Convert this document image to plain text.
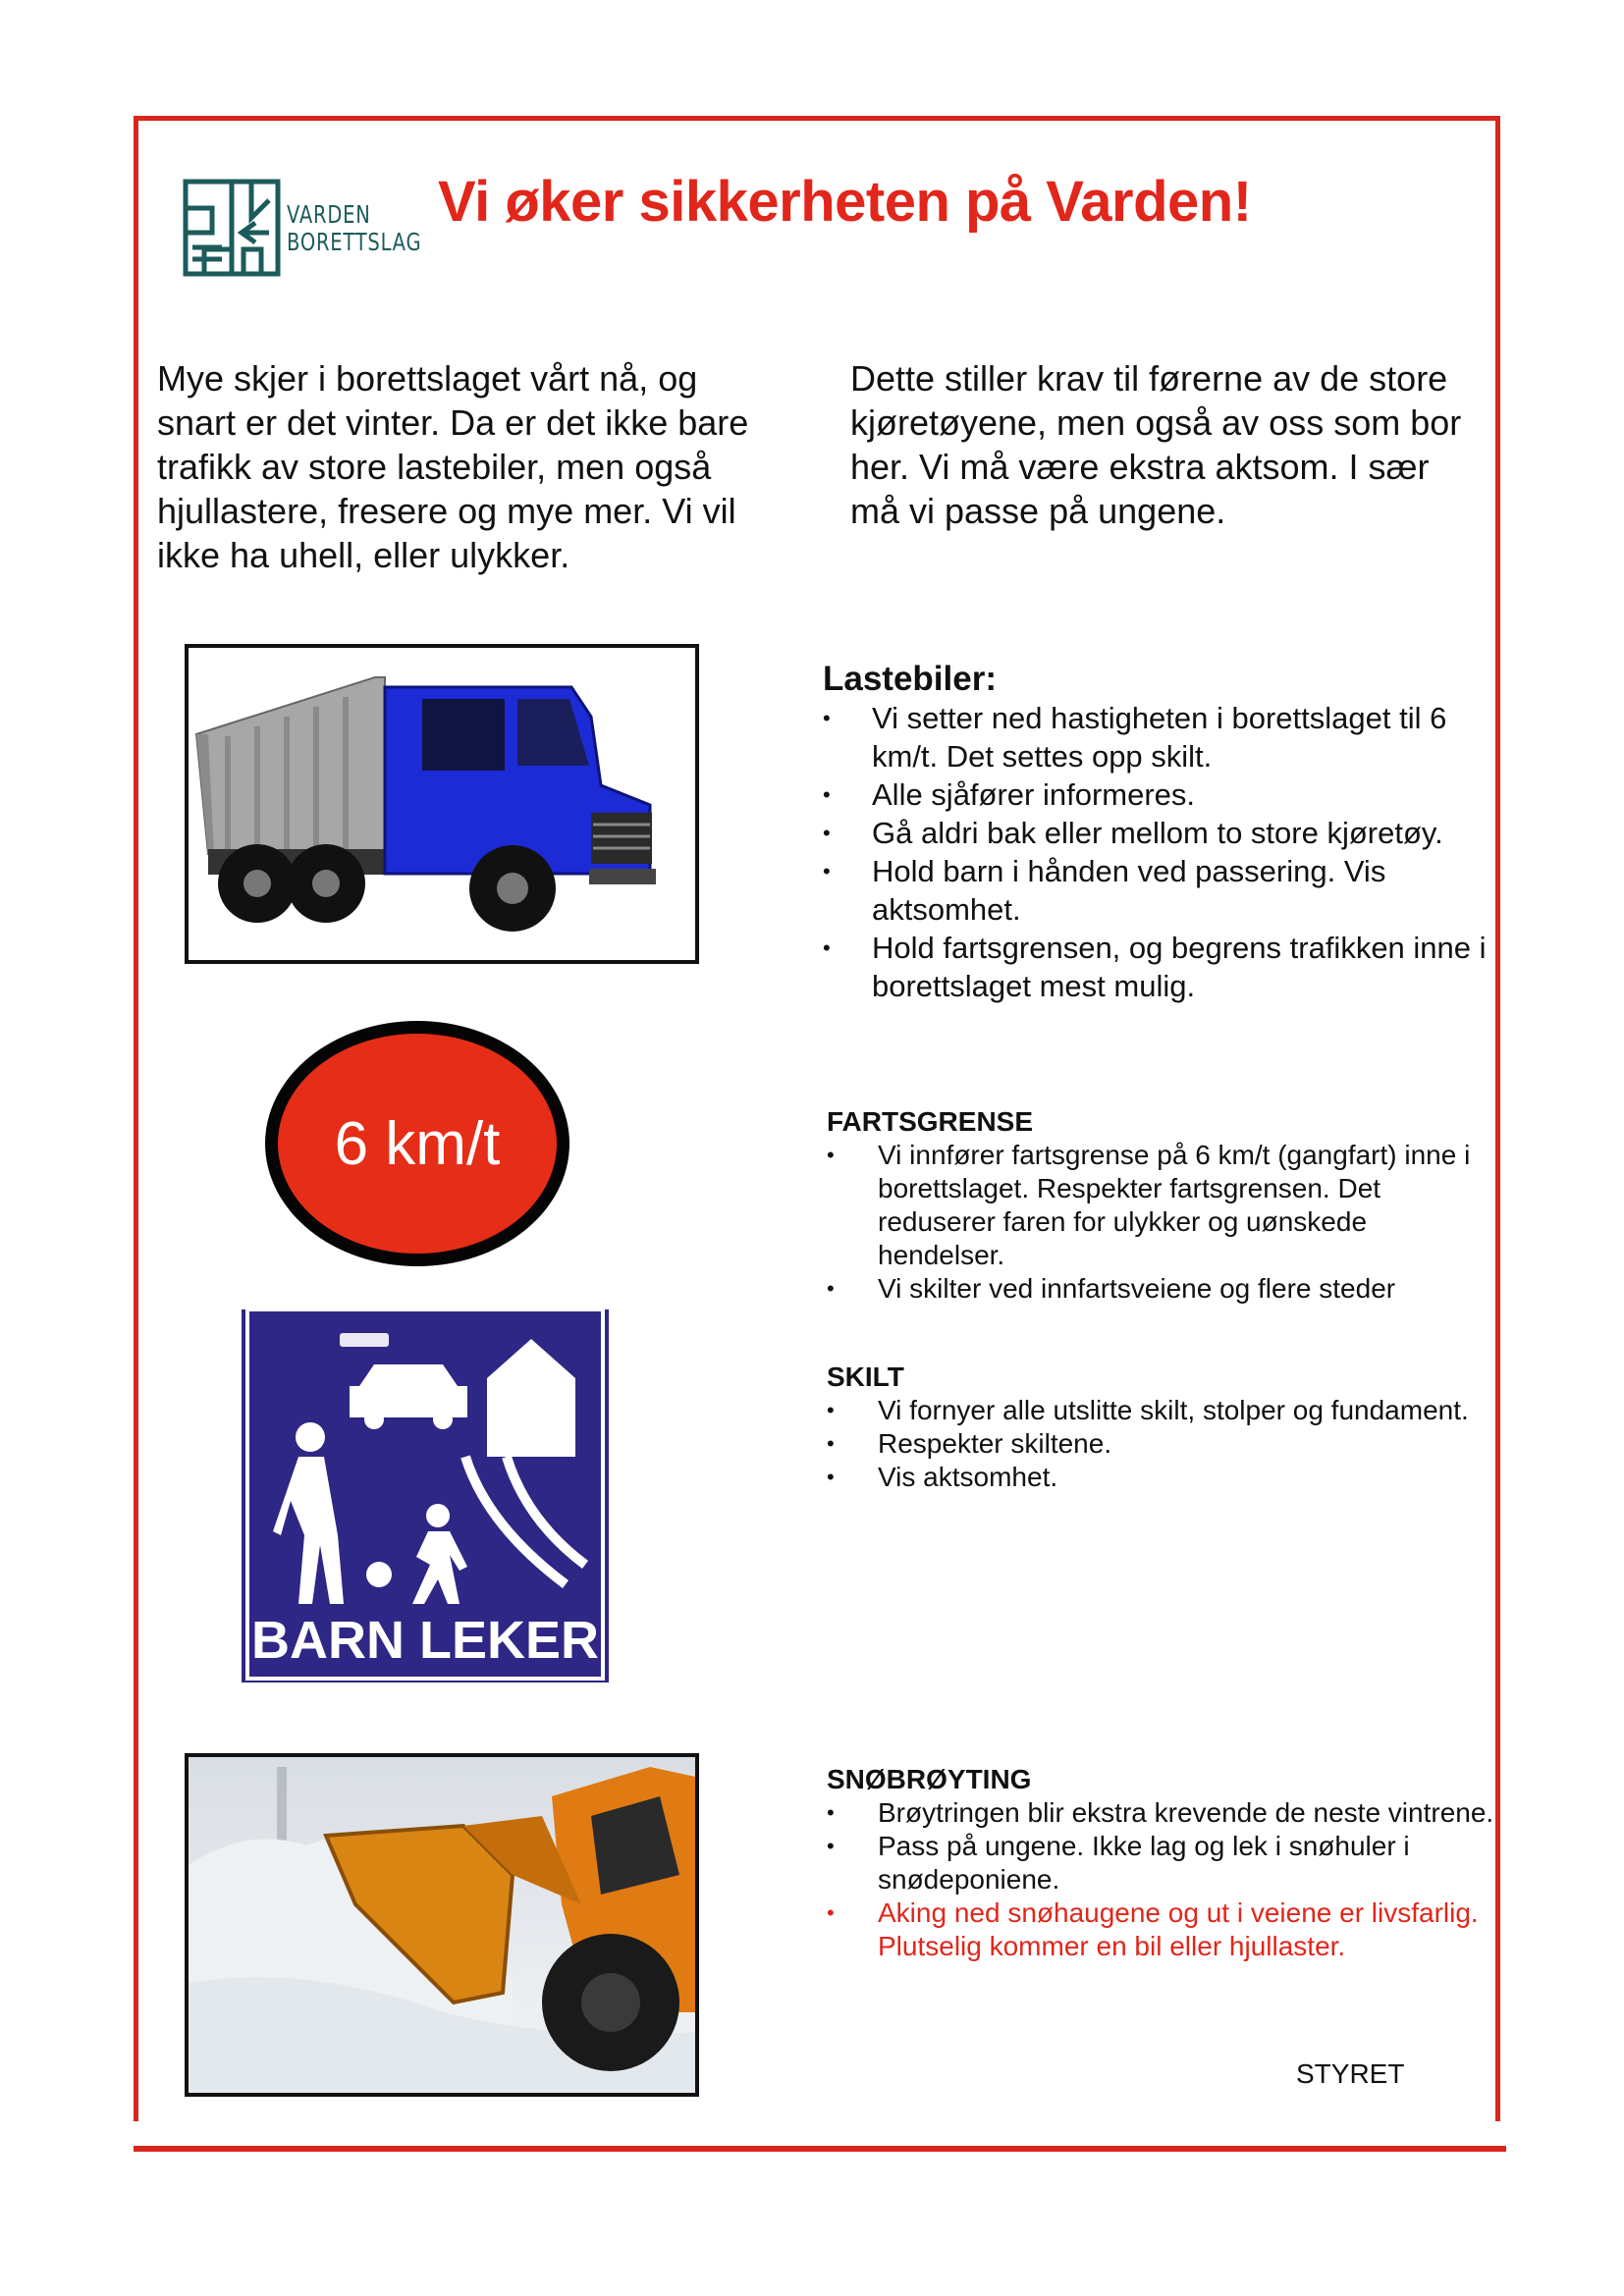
VARDEN
BORETTSLAG
Vi øker sikkerheten på Varden!
Mye skjer i borettslaget vårt nå, og snart er det vinter. Da er det ikke bare trafikk av store lastebiler, men også hjullastere, fresere og mye mer. Vi vil ikke ha uhell, eller ulykker.
Dette stiller krav til førerne av de store kjøretøyene, men også av oss som bor her. Vi må være ekstra aktsom. I sær må vi passe på ungene.
6 km/t
BARN LEKER
Lastebiler:
• Vi setter ned hastigheten i borettslaget til 6 km/t. Det settes opp skilt.
• Alle sjåfører informeres.
• Gå aldri bak eller mellom to store kjøretøy.
• Hold barn i hånden ved passering. Vis aktsomhet.
• Hold fartsgrensen, og begrens trafikken inne i borettslaget mest mulig.
FARTSGRENSE
• Vi innfører fartsgrense på 6 km/t (gangfart) inne i borettslaget. Respekter fartsgrensen. Det reduserer faren for ulykker og uønskede hendelser.
• Vi skilter ved innfartsveiene og flere steder
SKILT
• Vi fornyer alle utslitte skilt, stolper og fundament.
• Respekter skiltene.
• Vis aktsomhet.
SNØBRØYTING
• Brøytringen blir ekstra krevende de neste vintrene.
• Pass på ungene. Ikke lag og lek i snøhuler i snødeponiene.
• Aking ned snøhaugene og ut i veiene er livsfarlig. Plutselig kommer en bil eller hjullaster.
STYRET
